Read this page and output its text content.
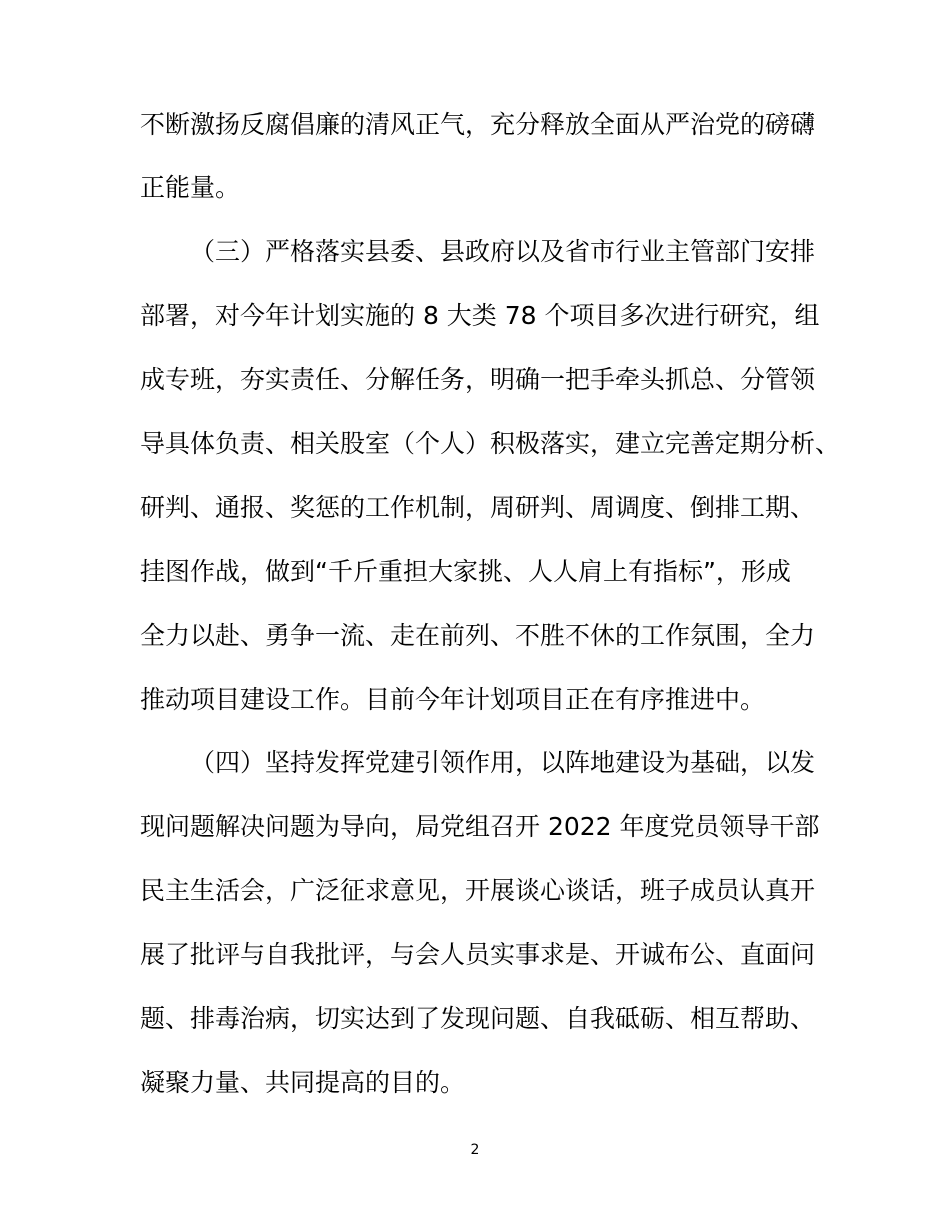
不断激扬反腐倡廉的清风正气，充分释放全面从严治党的磅礴
正能量。
（三）严格落实县委、县政府以及省市行业主管部门安排
部署，对今年计划实施的 8 大类 78 个项目多次进行研究，组
成专班，夯实责任、分解任务，明确一把手牵头抓总、分管领
导具体负责、相关股室（个人）积极落实，建立完善定期分析、
研判、通报、奖惩的工作机制，周研判、周调度、倒排工期、
挂图作战，做到“千斤重担大家挑、人人肩上有指标”，形成
全力以赴、勇争一流、走在前列、不胜不休的工作氛围，全力
推动项目建设工作。目前今年计划项目正在有序推进中。
（四）坚持发挥党建引领作用，以阵地建设为基础，以发
现问题解决问题为导向，局党组召开 2022 年度党员领导干部
民主生活会，广泛征求意见，开展谈心谈话，班子成员认真开
展了批评与自我批评，与会人员实事求是、开诚布公、直面问
题、排毒治病，切实达到了发现问题、自我砥砺、相互帮助、
凝聚力量、共同提高的目的。
2
